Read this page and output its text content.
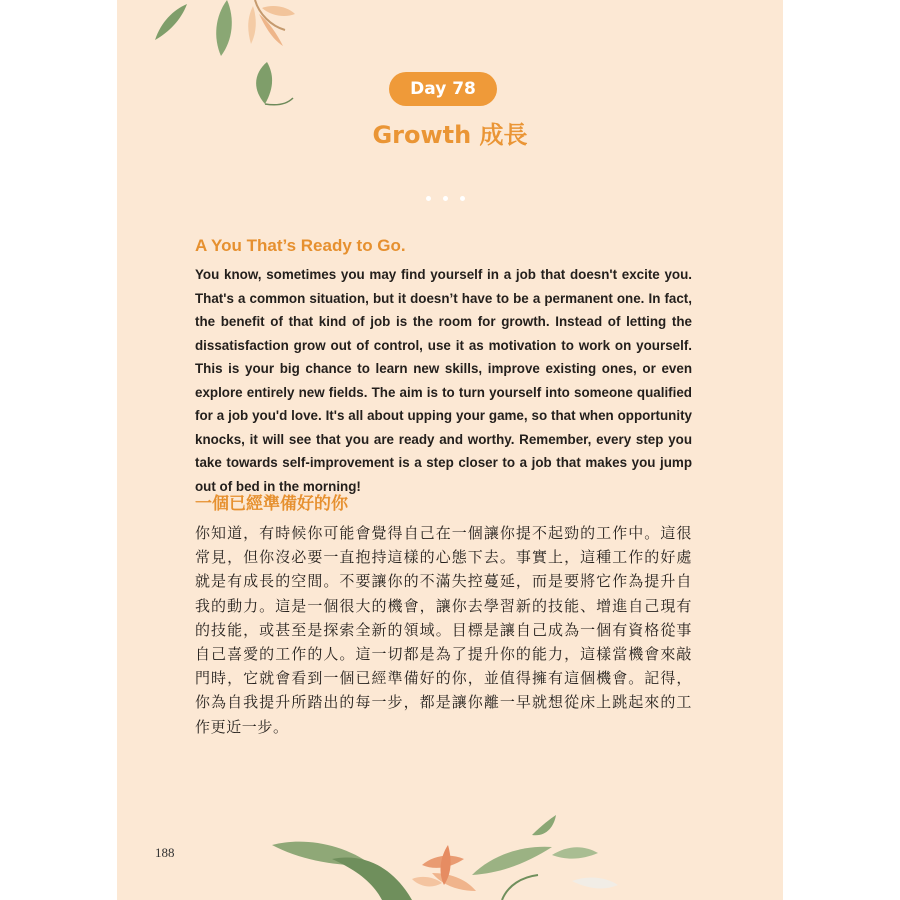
Day 78
Growth 成長
A You That’s Ready to Go.
You know, sometimes you may find yourself in a job that doesn't excite you. That's a common situation, but it doesn’t have to be a permanent one. In fact, the benefit of that kind of job is the room for growth. Instead of letting the dissatisfaction grow out of control, use it as motivation to work on yourself. This is your big chance to learn new skills, improve existing ones, or even explore entirely new fields. The aim is to turn yourself into someone qualified for a job you'd love. It's all about upping your game, so that when opportunity knocks, it will see that you are ready and worthy. Remember, every step you take towards self-improvement is a step closer to a job that makes you jump out of bed in the morning!
一個已經準備好的你
你知道，有時候你可能會覺得自己在一個讓你提不起勁的工作中。這很常見，但你沒必要一直抱持這樣的心態下去。事實上，這種工作的好處就是有成長的空間。不要讓你的不滿失控蔓延，而是要將它作為提升自我的動力。這是一個很大的機會，讓你去學習新的技能、增進自己現有的技能，或甚至是探索全新的領域。目標是讓自己成為一個有資格從事自己喜愛的工作的人。這一切都是為了提升你的能力，這樣當機會來敲門時，它就會看到一個已經準備好的你，並值得擁有這個機會。記得，你為自我提升所踏出的每一步，都是讓你離一早就想從床上跳起來的工作更近一步。
188
